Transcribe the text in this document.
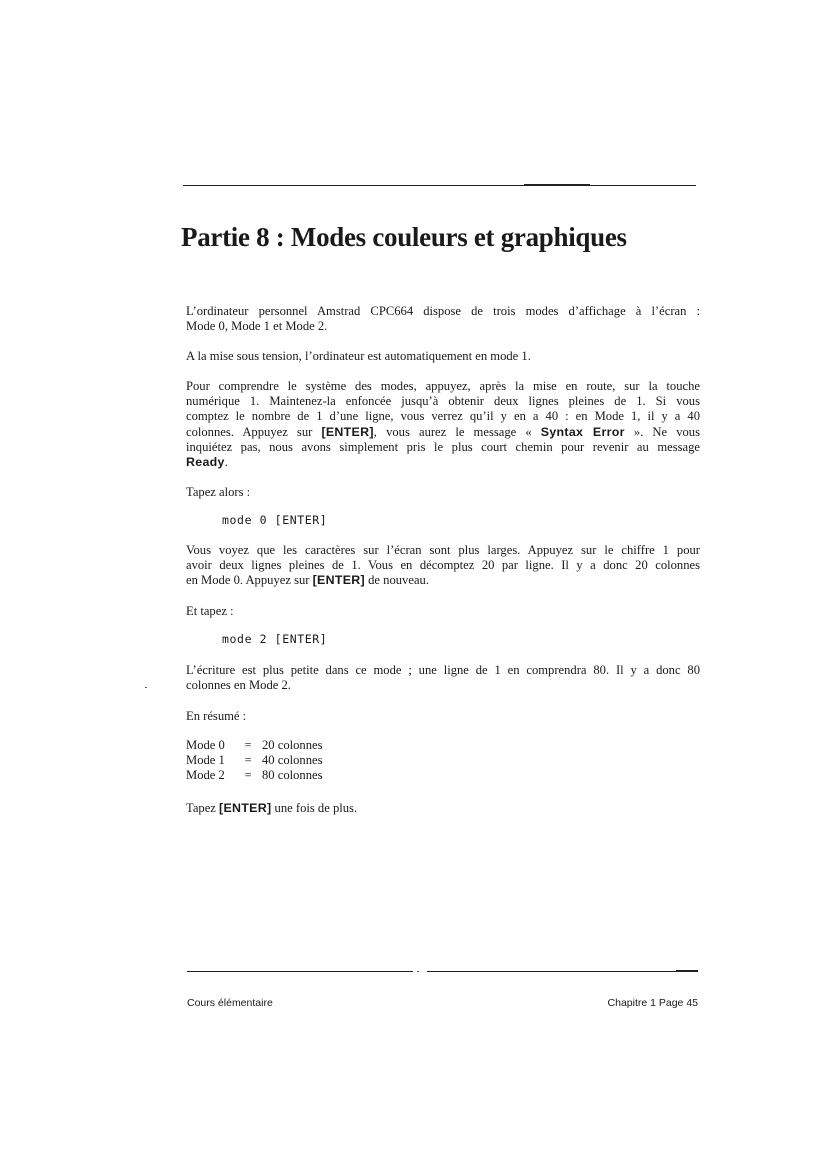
Partie 8 : Modes couleurs et graphiques

L’ordinateur personnel Amstrad CPC664 dispose de trois modes d’affichage à l’écran :
Mode 0, Mode 1 et Mode 2.

A la mise sous tension, l’ordinateur est automatiquement en mode 1.

Pour comprendre le système des modes, appuyez, après la mise en route, sur la touche
numérique 1. Maintenez-la enfoncée jusqu’à obtenir deux lignes pleines de 1. Si vous
comptez le nombre de 1 d’une ligne, vous verrez qu’il y en a 40 : en Mode 1, il y a 40
colonnes. Appuyez sur [ENTER], vous aurez le message « Syntax Error ». Ne vous
inquiétez pas, nous avons simplement pris le plus court chemin pour revenir au message
Ready.

Tapez alors :

mode 0 [ENTER]

Vous voyez que les caractères sur l’écran sont plus larges. Appuyez sur le chiffre 1 pour
avoir deux lignes pleines de 1. Vous en décomptez 20 par ligne. Il y a donc 20 colonnes
en Mode 0. Appuyez sur [ENTER] de nouveau.

Et tapez :

mode 2 [ENTER]

L’écriture est plus petite dans ce mode ; une ligne de 1 en comprendra 80. Il y a donc 80
colonnes en Mode 2.

En résumé :

Mode 0	= 20 colonnes
Mode 1	= 40 colonnes
Mode 2	= 80 colonnes

Tapez [ENTER] une fois de plus.

Cours élémentaire	Chapitre 1 Page 45
